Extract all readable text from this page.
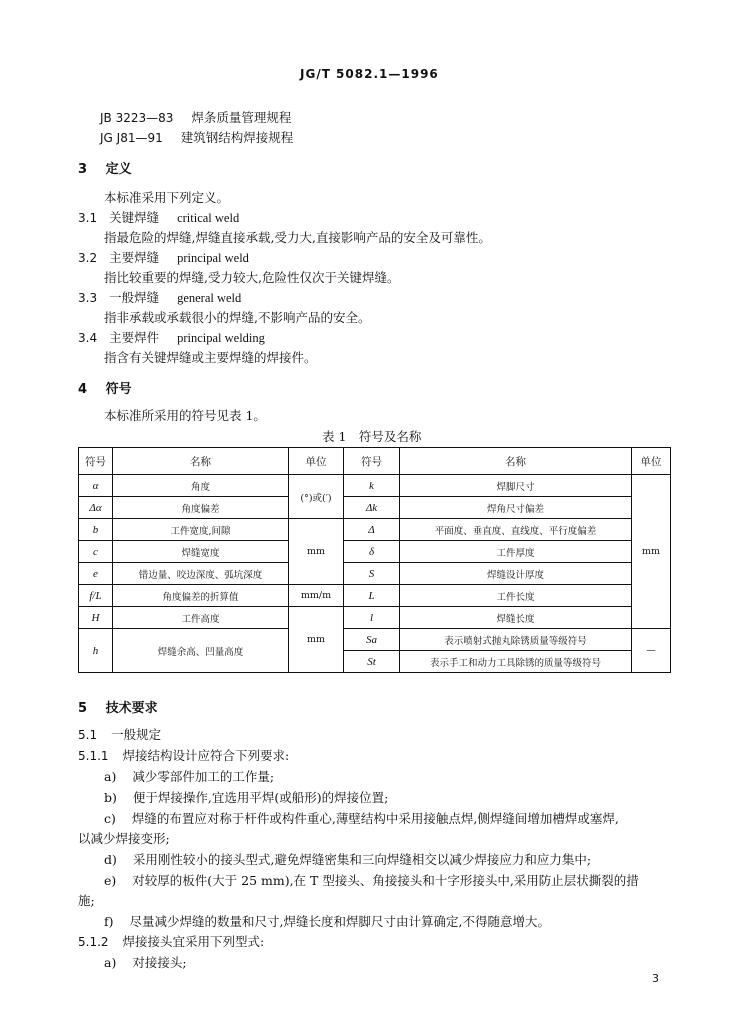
JG/T 5082.1—1996
JB 3223—83 焊条质量管理规程
JG J81—91 建筑钢结构焊接规程
3 定义
本标准采用下列定义。
3.1 关键焊缝 critical weld
指最危险的焊缝,焊缝直接承载,受力大,直接影响产品的安全及可靠性。
3.2 主要焊缝 principal weld
指比较重要的焊缝,受力较大,危险性仅次于关键焊缝。
3.3 一般焊缝 general weld
指非承载或承载很小的焊缝,不影响产品的安全。
3.4 主要焊件 principal welding
指含有关键焊缝或主要焊缝的焊接件。
4 符号
本标准所采用的符号见表 1。
表 1　符号及名称
符号	名称	单位	符号	名称	单位
α	角度	(°)或(′)	k	焊脚尺寸	mm
Δα	角度偏差		Δk	焊角尺寸偏差	
b	工件宽度,间隙	mm	Δ	平面度、垂直度、直线度、平行度偏差	
c	焊缝宽度		δ	工件厚度	
e	错边量、咬边深度、弧坑深度		S	焊缝设计厚度	
f/L	角度偏差的折算值	mm/m	L	工件长度	
H	工件高度	mm	l	焊缝长度	
h	焊缝余高、凹量高度		Sa	表示喷射式抛丸除锈质量等级符号	—
			St	表示手工和动力工具除锈的质量等级符号	
5 技术要求
5.1 一般规定
5.1.1 焊接结构设计应符合下列要求:
a) 减少零部件加工的工作量;
b) 便于焊接操作,宜选用平焊(或船形)的焊接位置;
c) 焊缝的布置应对称于杆件或构件重心,薄壁结构中采用接触点焊,侧焊缝间增加槽焊或塞焊,
以减少焊接变形;
d) 采用刚性较小的接头型式,避免焊缝密集和三向焊缝相交以减少焊接应力和应力集中;
e) 对较厚的板件(大于 25 mm),在 T 型接头、角接接头和十字形接头中,采用防止层状撕裂的措
施;
f) 尽量减少焊缝的数量和尺寸,焊缝长度和焊脚尺寸由计算确定,不得随意增大。
5.1.2 焊接接头宜采用下列型式:
a) 对接接头;
3
